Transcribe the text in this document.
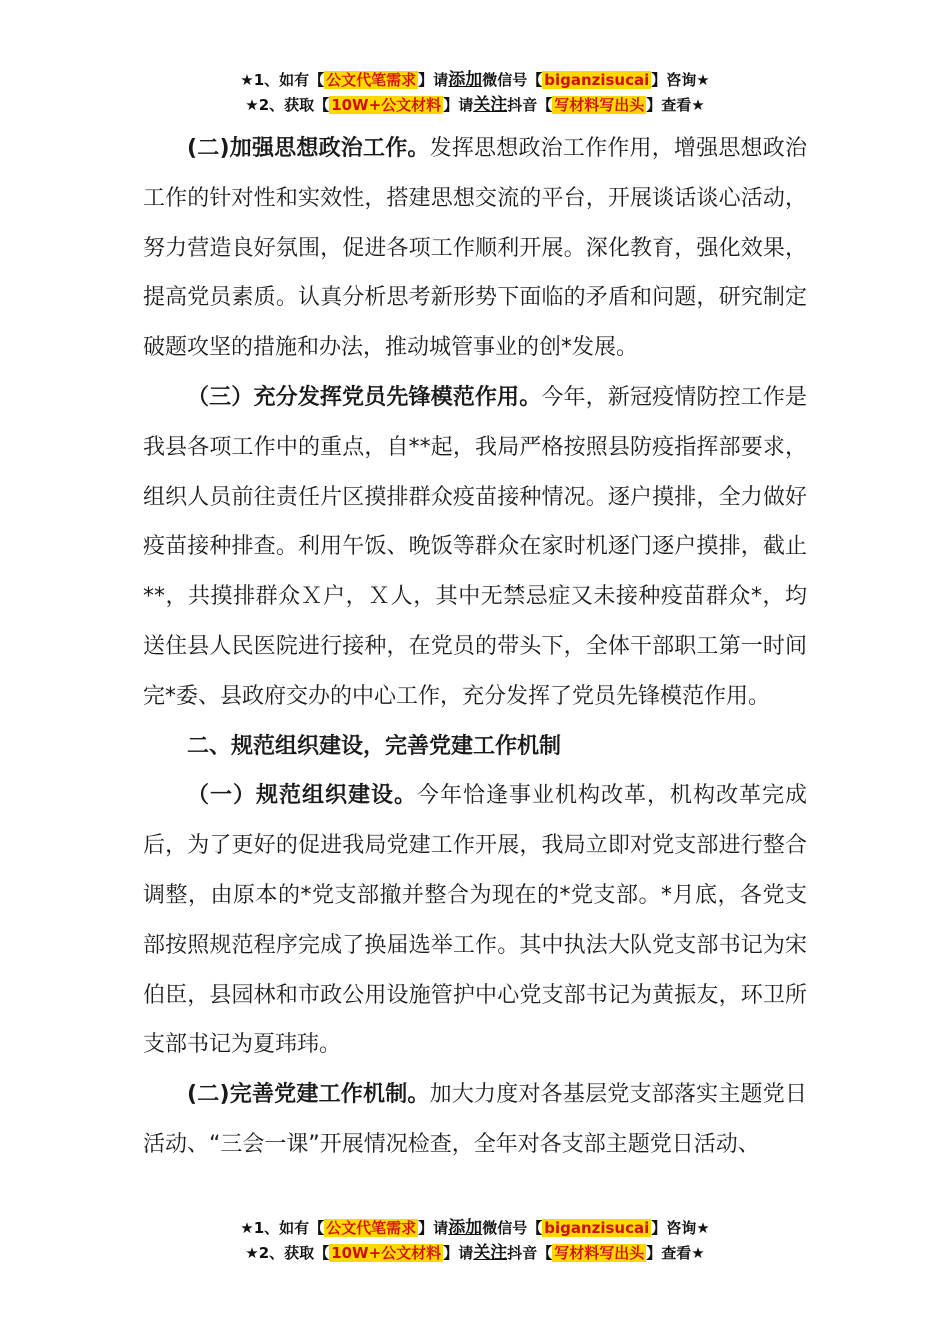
★1、如有【 公文代笔需求 】请添加微信号【 biganzisucai 】咨询★
★2、获取【 10W+公文材料 】请关注抖音【 写材料写出头 】查看★

(二)加强思想政治工作。发挥思想政治工作作用，增强思想政治工作的针对性和实效性，搭建思想交流的平台，开展谈话谈心活动，努力营造良好氛围，促进各项工作顺利开展。深化教育，强化效果，提高党员素质。认真分析思考新形势下面临的矛盾和问题，研究制定破题攻坚的措施和办法，推动城管事业的创*发展。

（三）充分发挥党员先锋模范作用。今年，新冠疫情防控工作是我县各项工作中的重点，自**起，我局严格按照县防疫指挥部要求，组织人员前往责任片区摸排群众疫苗接种情况。逐户摸排，全力做好疫苗接种排查。利用午饭、晚饭等群众在家时机逐门逐户摸排，截止**，共摸排群众Ｘ户，Ｘ人，其中无禁忌症又未接种疫苗群众*，均送住县人民医院进行接种，在党员的带头下，全体干部职工第一时间完*委、县政府交办的中心工作，充分发挥了党员先锋模范作用。

二、规范组织建设，完善党建工作机制

（一）规范组织建设。今年恰逢事业机构改革，机构改革完成后，为了更好的促进我局党建工作开展，我局立即对党支部进行整合调整，由原本的*党支部撤并整合为现在的*党支部。*月底，各党支部按照规范程序完成了换届选举工作。其中执法大队党支部书记为宋伯臣，县园林和市政公用设施管护中心党支部书记为黄振友，环卫所支部书记为夏玮玮。

(二)完善党建工作机制。加大力度对各基层党支部落实主题党日活动、“三会一课”开展情况检查，全年对各支部主题党日活动、

★1、如有【 公文代笔需求 】请添加微信号【 biganzisucai 】咨询★
★2、获取【 10W+公文材料 】请关注抖音【 写材料写出头 】查看★
